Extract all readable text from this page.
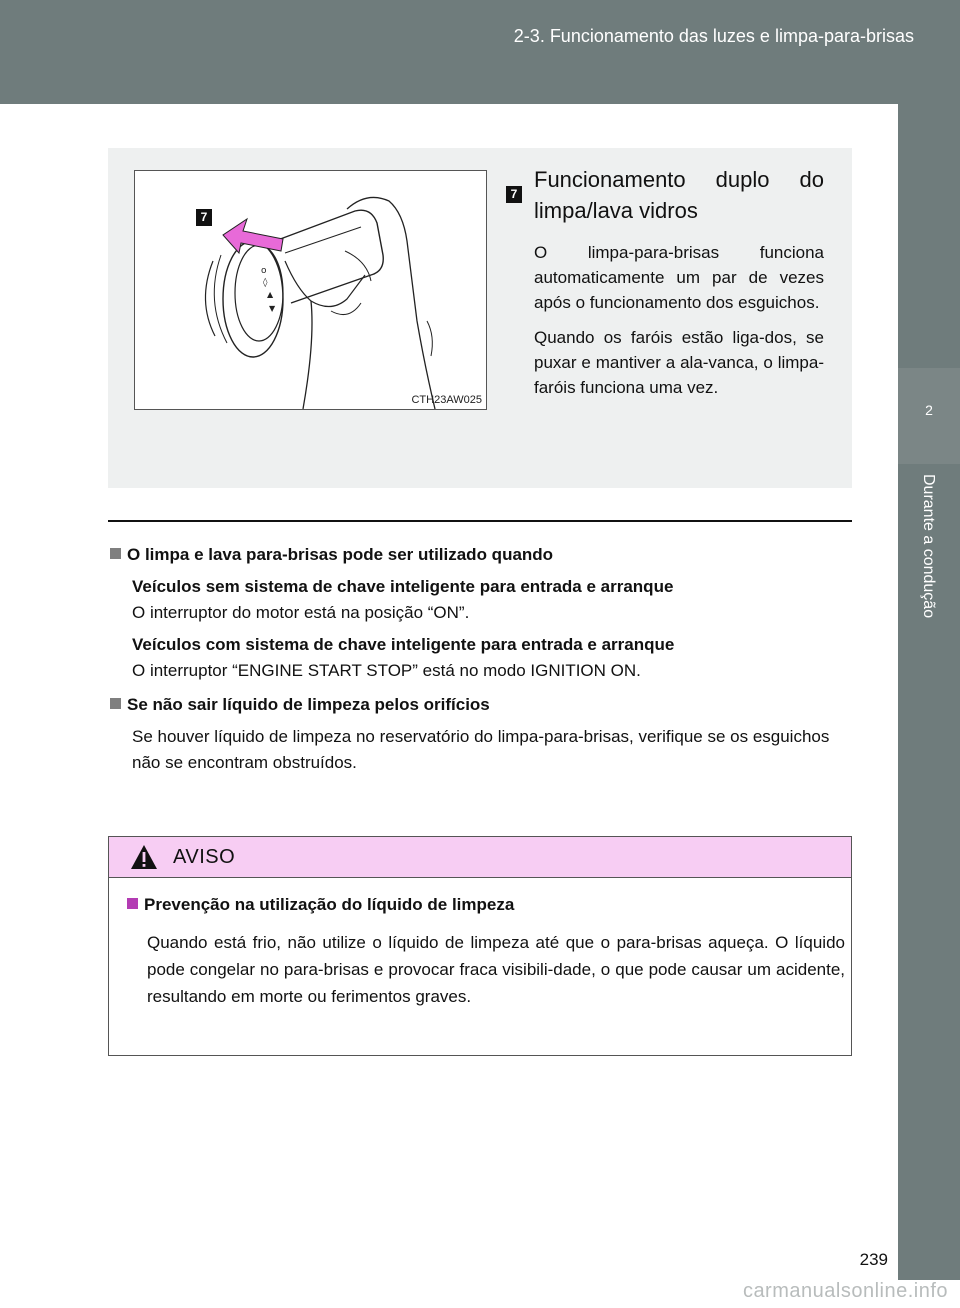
2-3. Funcionamento das luzes e limpa-para-brisas
2
Durante a condução
o
◊
▲
▼
7
CTH23AW025
7
Funcionamento duplo do limpa/lava vidros
O limpa-para-brisas funciona automaticamente um par de vezes após o funcionamento dos esguichos.
Quando os faróis estão liga-dos, se puxar e mantiver a ala-vanca, o limpa-faróis funciona uma vez.

O limpa e lava para-brisas pode ser utilizado quando

Veículos sem sistema de chave inteligente para entrada e arranque

O interruptor do motor está na posição “ON”.

Veículos com sistema de chave inteligente para entrada e arranque

O interruptor “ENGINE START STOP” está no modo IGNITION ON.

Se não sair líquido de limpeza pelos orifícios

Se houver líquido de limpeza no reservatório do limpa-para-brisas, verifique se os esguichos não se encontram obstruídos.

AVISO
Prevenção na utilização do líquido de limpeza
Quando está frio, não utilize o líquido de limpeza até que o para-brisas aqueça. O líquido pode congelar no para-brisas e provocar fraca visibili-dade, o que pode causar um acidente, resultando em morte ou ferimentos graves.
239
carmanualsonline.info
